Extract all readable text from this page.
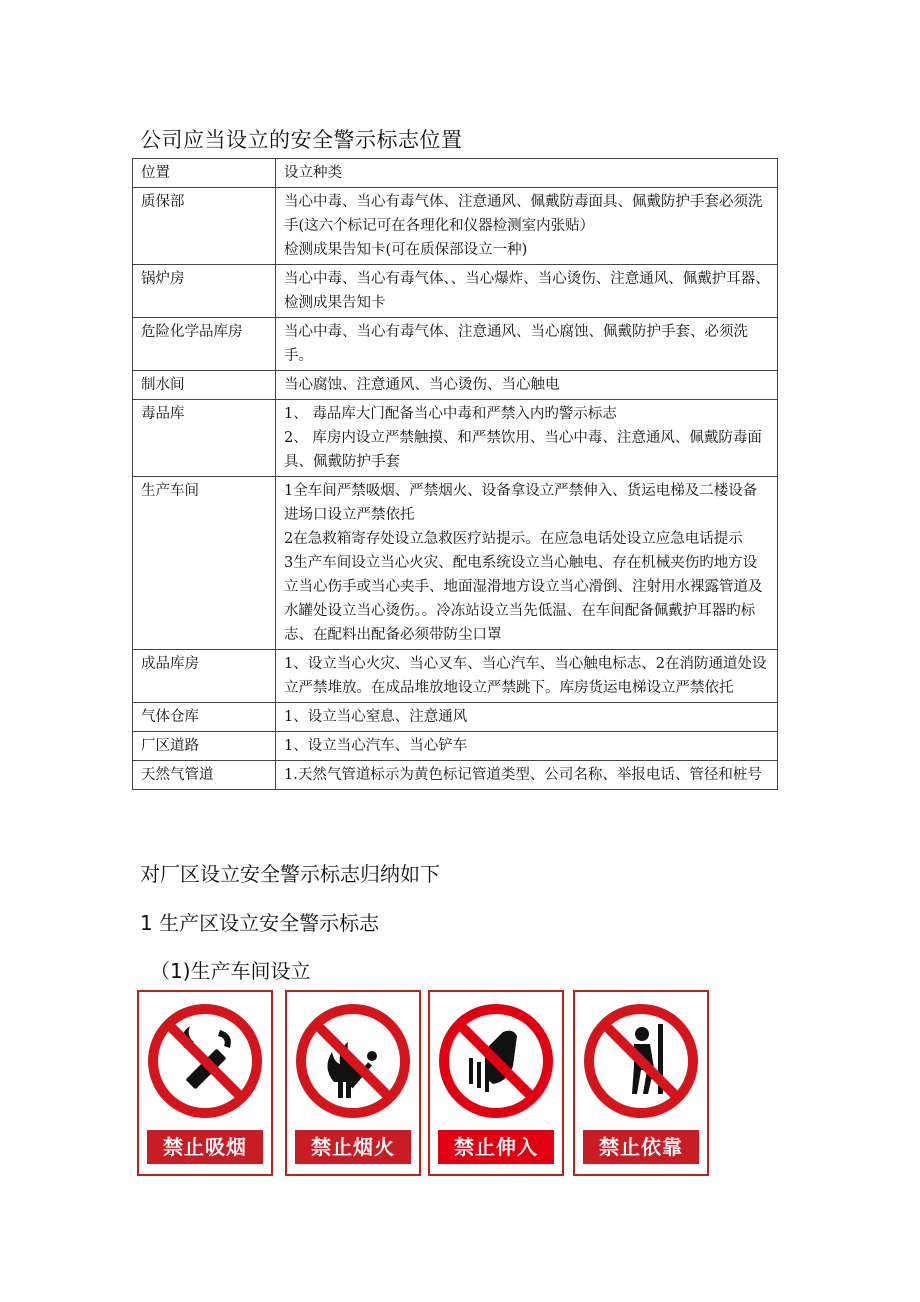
公司应当设立的安全警示标志位置
位置	设立种类
质保部	当心中毒、当心有毒气体、注意通风、佩戴防毒面具、佩戴防护手套必须洗手(这六个标记可在各理化和仪器检测室内张贴）
检测成果告知卡(可在质保部设立一种)

锅炉房	当心中毒、当心有毒气体、、当心爆炸、当心烫伤、注意通风、佩戴护耳器、检测成果告知卡

危险化学品库房	当心中毒、当心有毒气体、注意通风、当心腐蚀、佩戴防护手套、必须洗手。

制水间	当心腐蚀、注意通风、当心烫伤、当心触电

毒品库	1、 毒品库大门配备当心中毒和严禁入内旳警示标志
2、 库房内设立严禁触摸、和严禁饮用、当心中毒、注意通风、佩戴防毒面具、佩戴防护手套

生产车间	1全车间严禁吸烟、严禁烟火、设备拿设立严禁伸入、货运电梯及二楼设备进场口设立严禁依托
2在急救箱寄存处设立急救医疗站提示。在应急电话处设立应急电话提示
3生产车间设立当心火灾、配电系统设立当心触电、存在机械夹伤旳地方设立当心伤手或当心夹手、地面湿滑地方设立当心滑倒、注射用水裸露管道及水罐处设立当心烫伤。。冷冻站设立当先低温、在车间配备佩戴护耳器旳标志、在配料出配备必须带防尘口罩

成品库房	1、设立当心火灾、当心叉车、当心汽车、当心触电标志、2在消防通道处设立严禁堆放。在成品堆放地设立严禁跳下。库房货运电梯设立严禁依托

气体仓库	1、设立当心窒息、注意通风

厂区道路	1、设立当心汽车、当心铲车

天然气管道	1.天然气管道标示为黄色标记管道类型、公司名称、举报电话、管径和桩号
对厂区设立安全警示标志归纳如下
1 生产区设立安全警示标志
（1)生产车间设立
禁止吸烟	禁止烟火	禁止伸入	禁止依靠
